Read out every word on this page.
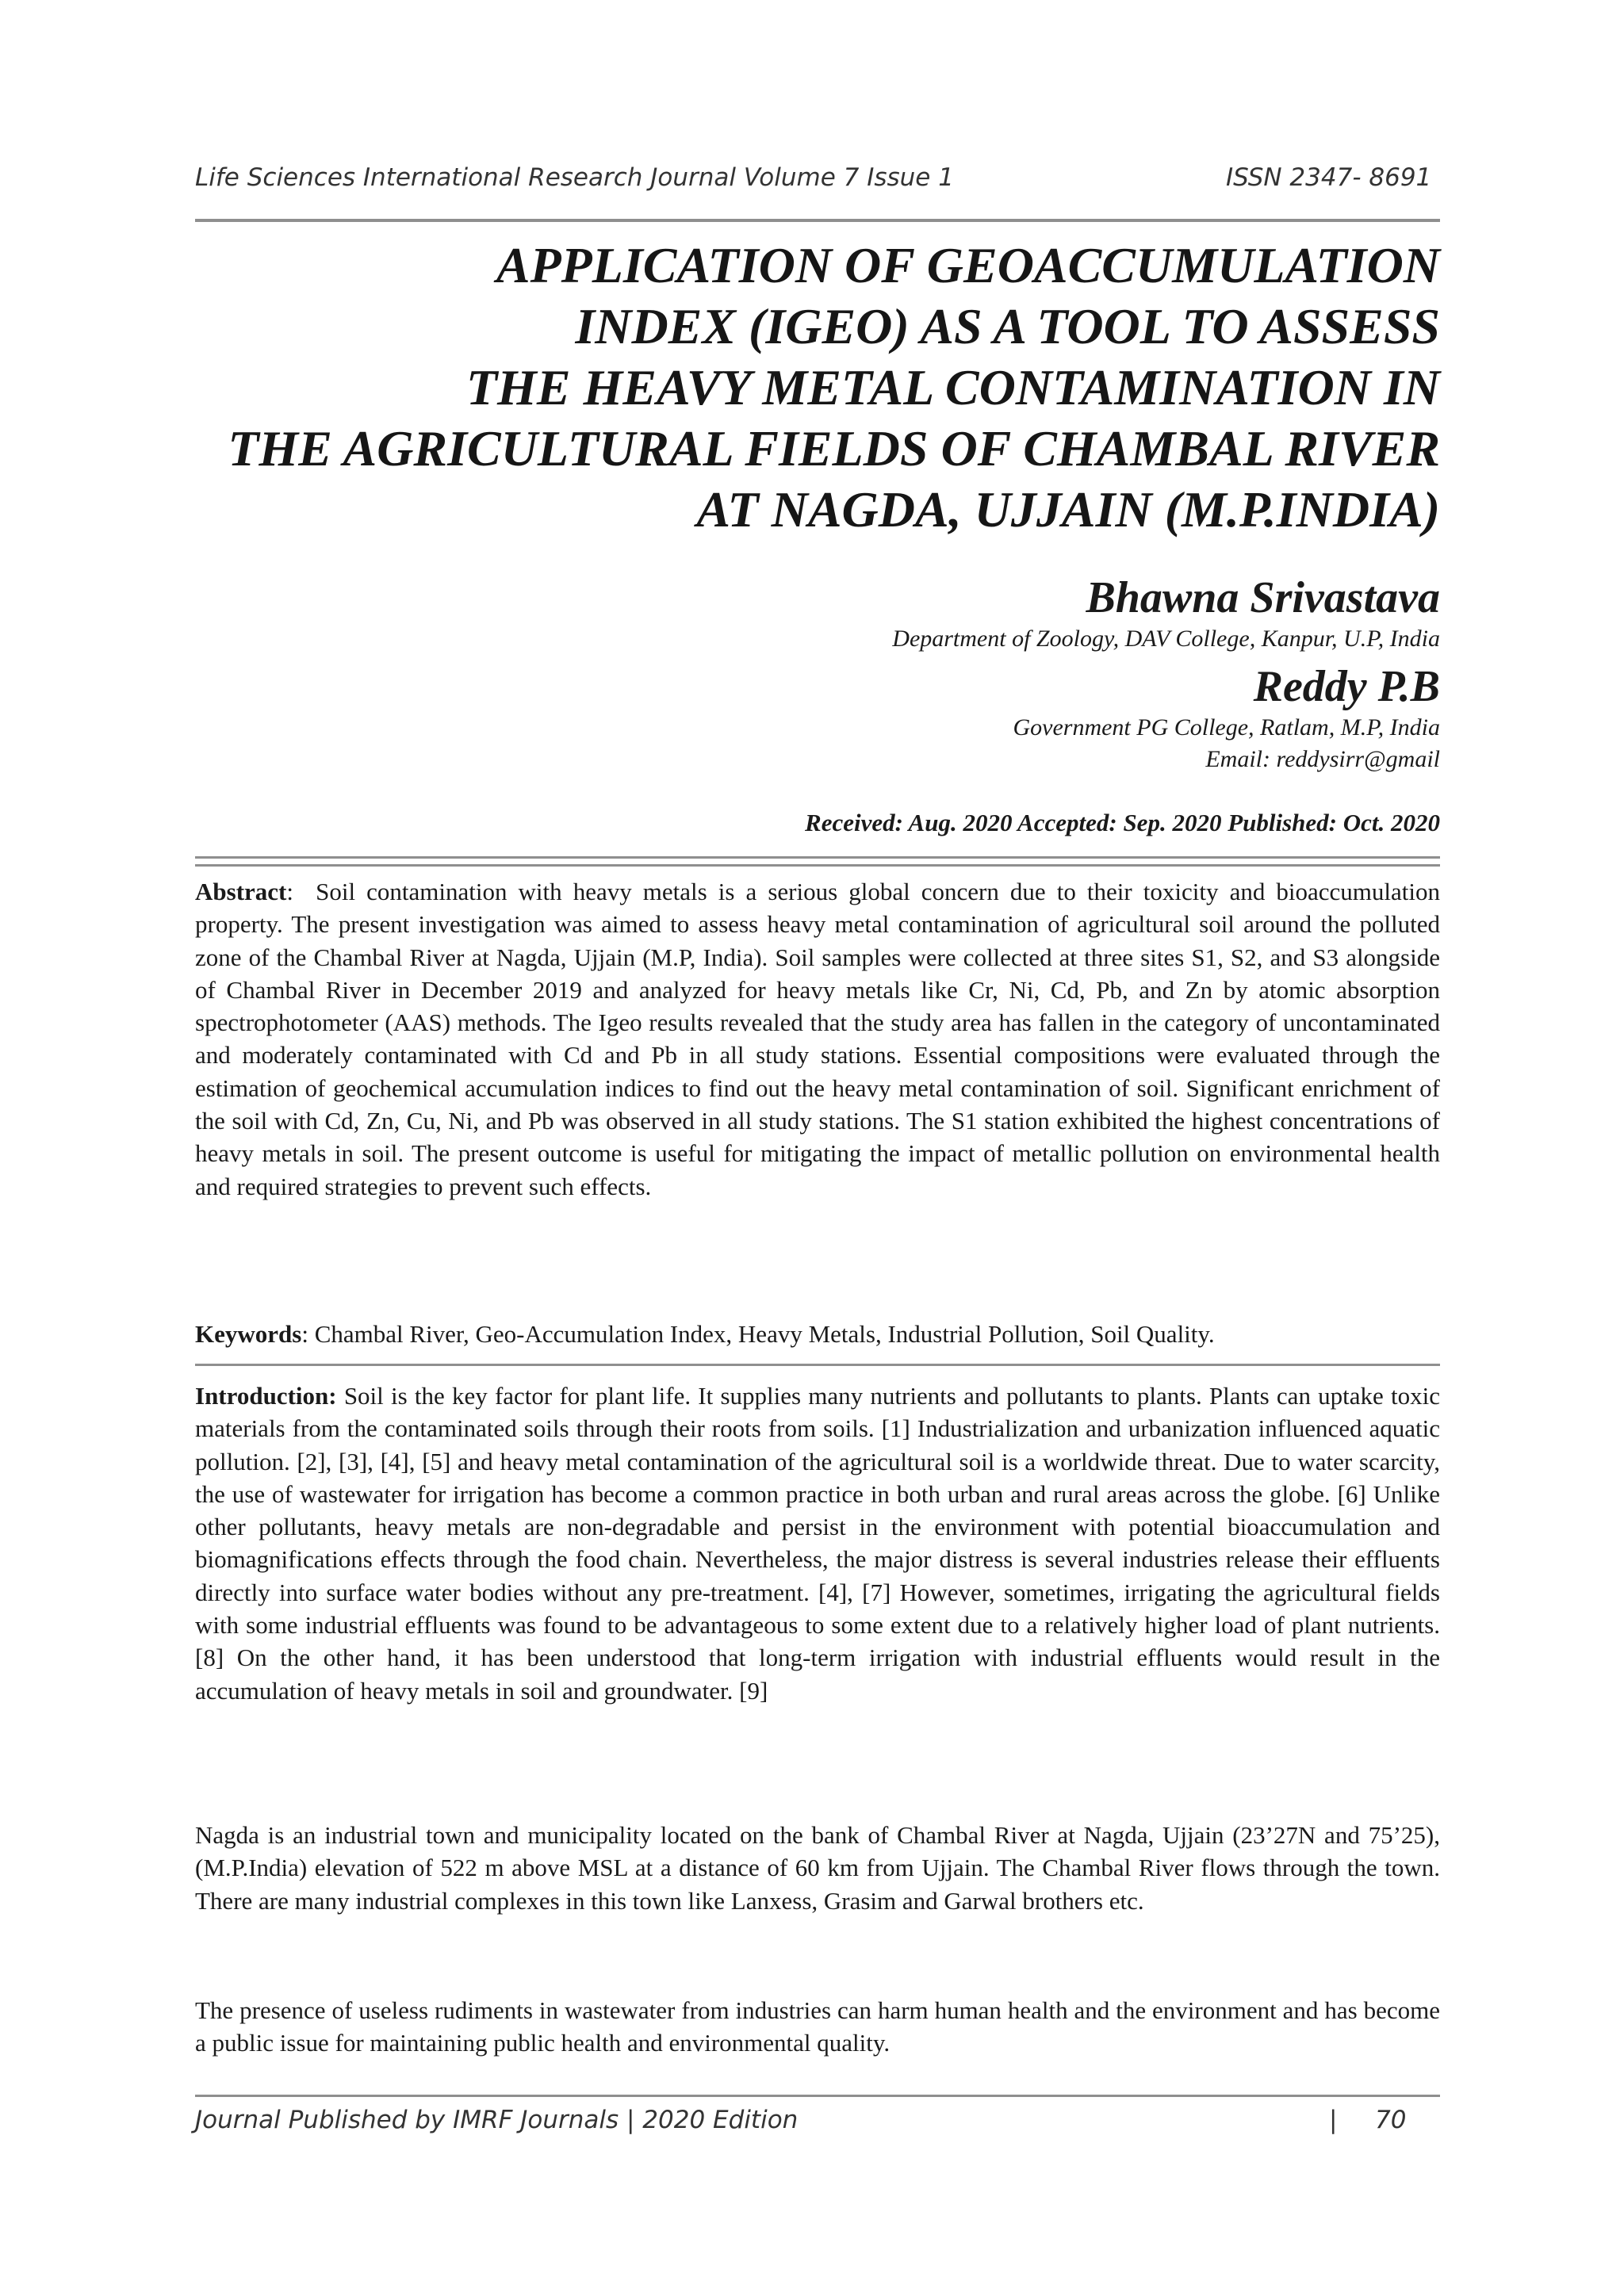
Life Sciences International Research Journal Volume 7 Issue 1	ISSN 2347- 8691
APPLICATION OF GEOACCUMULATION
INDEX (IGEO) AS A TOOL TO ASSESS
THE HEAVY METAL CONTAMINATION IN
THE AGRICULTURAL FIELDS OF CHAMBAL RIVER
AT NAGDA, UJJAIN (M.P.INDIA)
Bhawna Srivastava
Department of Zoology, DAV College, Kanpur, U.P, India
Reddy P.B
Government PG College, Ratlam, M.P, India
Email: reddysirr@gmail
Received: Aug. 2020 Accepted: Sep. 2020 Published: Oct. 2020
Abstract:  Soil contamination with heavy metals is a serious global concern due to their toxicity and bioaccumulation property. The present investigation was aimed to assess heavy metal contamination of agricultural soil around the polluted zone of the Chambal River at Nagda, Ujjain (M.P, India). Soil samples were collected at three sites S1, S2, and S3 alongside of Chambal River in December 2019 and analyzed for heavy metals like Cr, Ni, Cd, Pb, and Zn by atomic absorption spectrophotometer (AAS) methods. The Igeo results revealed that the study area has fallen in the category of uncontaminated and moderately contaminated with Cd and Pb in all study stations. Essential compositions were evaluated through the estimation of geochemical accumulation indices to find out the heavy metal contamination of soil. Significant enrichment of the soil with Cd, Zn, Cu, Ni, and Pb was observed in all study stations. The S1 station exhibited the highest concentrations of heavy metals in soil. The present outcome is useful for mitigating the impact of metallic pollution on environmental health and required strategies to prevent such effects.
Keywords: Chambal River, Geo-Accumulation Index, Heavy Metals, Industrial Pollution, Soil Quality.
Introduction: Soil is the key factor for plant life. It supplies many nutrients and pollutants to plants. Plants can uptake toxic materials from the contaminated soils through their roots from soils. [1] Industrialization and urbanization influenced aquatic pollution. [2], [3], [4], [5] and heavy metal contamination of the agricultural soil is a worldwide threat. Due to water scarcity, the use of wastewater for irrigation has become a common practice in both urban and rural areas across the globe. [6] Unlike other pollutants, heavy metals are non-degradable and persist in the environment with potential bioaccumulation and biomagnifications effects through the food chain. Nevertheless, the major distress is several industries release their effluents directly into surface water bodies without any pre-treatment. [4], [7] However, sometimes, irrigating the agricultural fields with some industrial effluents was found to be advantageous to some extent due to a relatively higher load of plant nutrients. [8] On the other hand, it has been understood that long-term irrigation with industrial effluents would result in the accumulation of heavy metals in soil and groundwater. [9]
Nagda is an industrial town and municipality located on the bank of Chambal River at Nagda, Ujjain (23’27N and 75’25), (M.P.India) elevation of 522 m above MSL at a distance of 60 km from Ujjain. The Chambal River flows through the town. There are many industrial complexes in this town like Lanxess, Grasim and Garwal brothers etc.
The presence of useless rudiments in wastewater from industries can harm human health and the environment and has become a public issue for maintaining public health and environmental quality.
Journal Published by IMRF Journals | 2020 Edition	| 70
